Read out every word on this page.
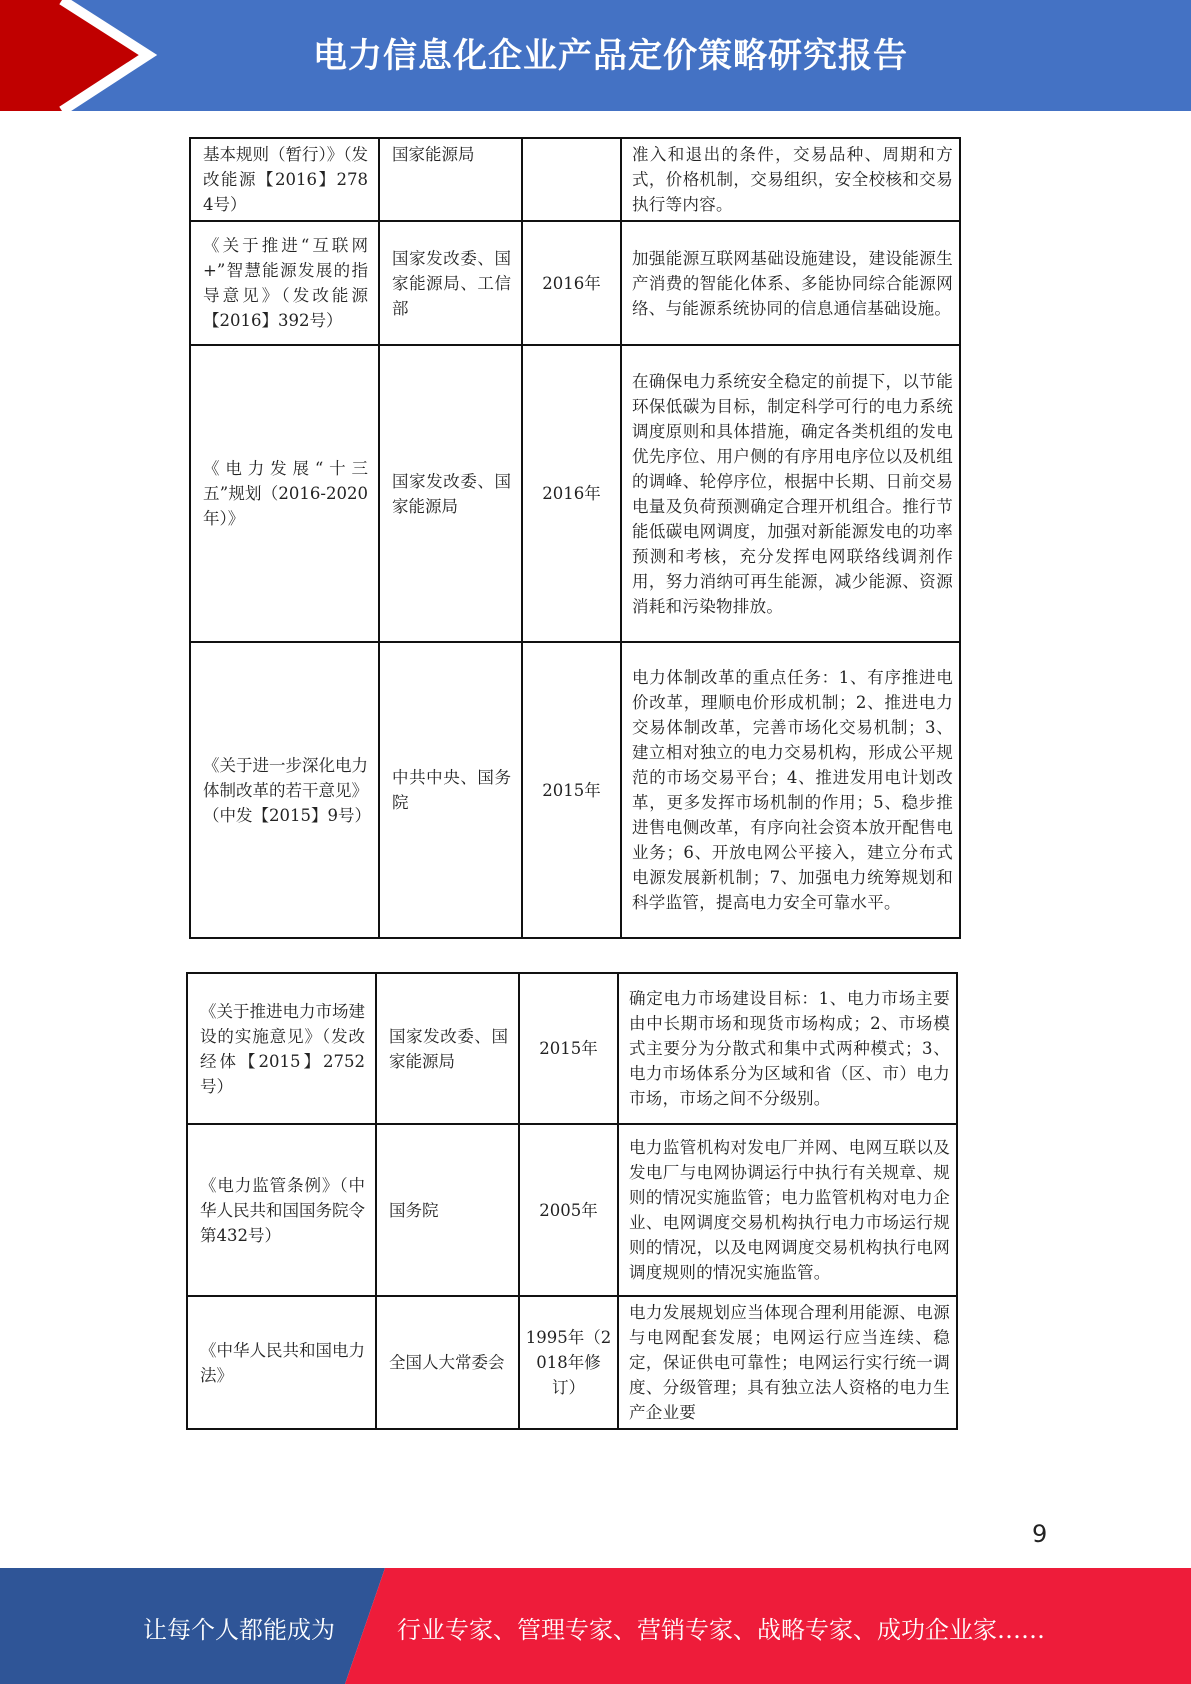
电力信息化企业产品定价策略研究报告
基本规则（暂行）》（发改能源【2016】2784号）	国家能源局		准入和退出的条件，交易品种、周期和方式，价格机制，交易组织，安全校核和交易执行等内容。
《关于推进“互联网+”智慧能源发展的指导意见》（发改能源【2016】392号）	国家发改委、国家能源局、工信部	2016年	加强能源互联网基础设施建设，建设能源生产消费的智能化体系、多能协同综合能源网络、与能源系统协同的信息通信基础设施。
《电力发展“十三五”规划（2016-2020年）》	国家发改委、国家能源局	2016年	在确保电力系统安全稳定的前提下，以节能环保低碳为目标，制定科学可行的电力系统调度原则和具体措施，确定各类机组的发电优先序位、用户侧的有序用电序位以及机组的调峰、轮停序位，根据中长期、日前交易电量及负荷预测确定合理开机组合。推行节能低碳电网调度，加强对新能源发电的功率预测和考核，充分发挥电网联络线调剂作用，努力消纳可再生能源，减少能源、资源消耗和污染物排放。
《关于进一步深化电力体制改革的若干意见》（中发【2015】9号）	中共中央、国务院	2015年	电力体制改革的重点任务：1、有序推进电价改革，理顺电价形成机制；2、推进电力交易体制改革，完善市场化交易机制；3、建立相对独立的电力交易机构，形成公平规范的市场交易平台；4、推进发用电计划改革，更多发挥市场机制的作用；5、稳步推进售电侧改革，有序向社会资本放开配售电业务；6、开放电网公平接入，建立分布式电源发展新机制；7、加强电力统筹规划和科学监管，提高电力安全可靠水平。
《关于推进电力市场建设的实施意见》（发改经体【2015】2752号）	国家发改委、国家能源局	2015年	确定电力市场建设目标：1、电力市场主要由中长期市场和现货市场构成；2、市场模式主要分为分散式和集中式两种模式；3、电力市场体系分为区域和省（区、市）电力市场，市场之间不分级别。
《电力监管条例》（中华人民共和国国务院令第432号）	国务院	2005年	电力监管机构对发电厂并网、电网互联以及发电厂与电网协调运行中执行有关规章、规则的情况实施监管；电力监管机构对电力企业、电网调度交易机构执行电力市场运行规则的情况，以及电网调度交易机构执行电网调度规则的情况实施监管。
《中华人民共和国电力法》	全国人大常委会	1995年（2018年修订）	电力发展规划应当体现合理利用能源、电源与电网配套发展；电网运行应当连续、稳定，保证供电可靠性；电网运行实行统一调度、分级管理；具有独立法人资格的电力生产企业要
9
让每个人都能成为	行业专家、管理专家、营销专家、战略专家、成功企业家……
